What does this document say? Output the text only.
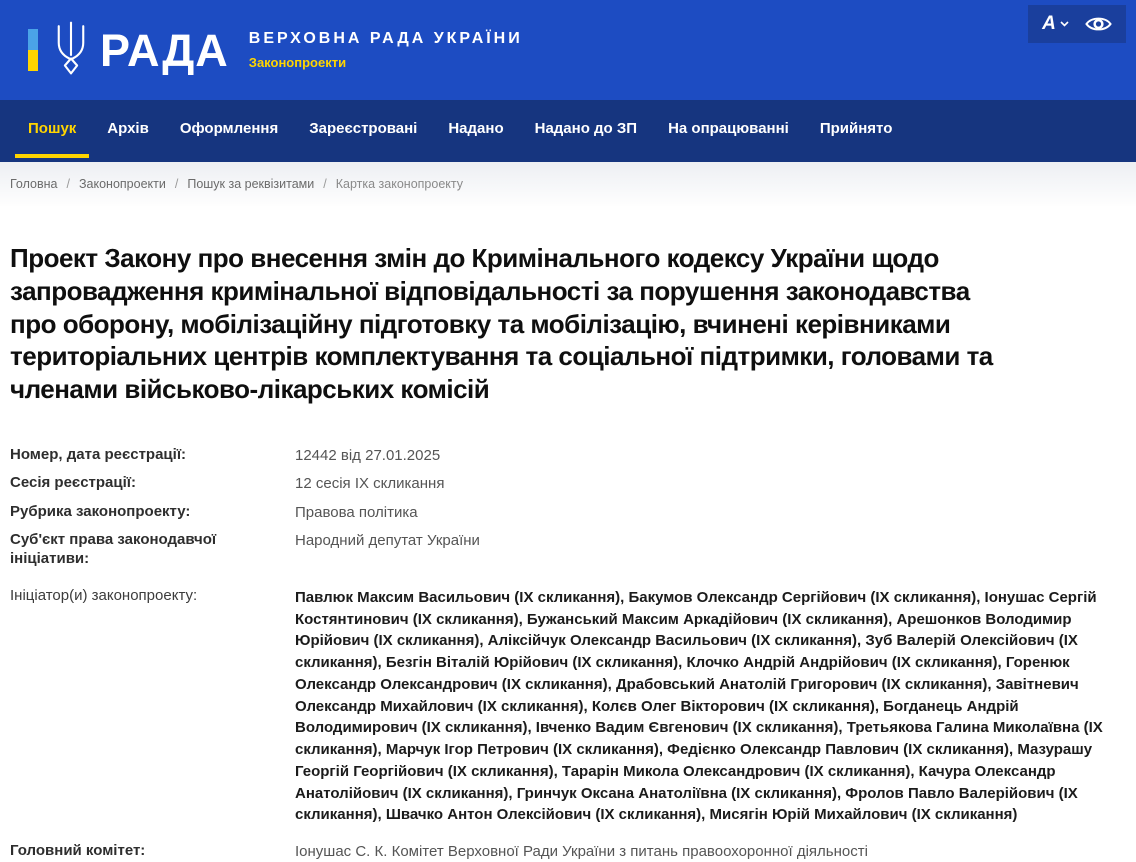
РАДА ВЕРХОВНА РАДА УКРАЇНИ
Законопроекти
A
Пошук	Архів	Оформлення	Зареєстровані	Надано	Надано до ЗП	На опрацюванні	Прийнято
Головна / Законопроекти / Пошук за реквізитами / Картка законопроекту
Проект Закону про внесення змін до Кримінального кодексу України щодо запровадження кримінальної відповідальності за порушення законодавства про оборону, мобілізаційну підготовку та мобілізацію, вчинені керівниками територіальних центрів комплектування та соціальної підтримки, головами та членами військово-лікарських комісій
Номер, дата реєстрації:	12442 від 27.01.2025
Сесія реєстрації:	12 сесія ІХ скликання
Рубрика законопроекту:	Правова політика
Суб'єкт права законодавчої ініціативи:
Народний депутат України
Ініціатор(и) законопроекту:	Павлюк Максим Васильович (ІХ скликання), Бакумов Олександр Сергійович (ІХ скликання), Іонушас Сергій Костянтинович (ІХ скликання), Бужанський Максим Аркадійович (ІХ скликання), Арешонков Володимир Юрійович (ІХ скликання), Аліксійчук Олександр Васильович (ІХ скликання), Зуб Валерій Олексійович (ІХ скликання), Безгін Віталій Юрійович (ІХ скликання), Клочко Андрій Андрійович (ІХ скликання), Горенюк Олександр Олександрович (ІХ скликання), Драбовський Анатолій Григорович (ІХ скликання), Завітневич Олександр Михайлович (ІХ скликання), Колєв Олег Вікторович (ІХ скликання), Богданець Андрій Володимирович (ІХ скликання), Івченко Вадим Євгенович (ІХ скликання), Третьякова Галина Миколаївна (ІХ скликання), Марчук Ігор Петрович (ІХ скликання), Федієнко Олександр Павлович (ІХ скликання), Мазурашу Георгій Георгійович (ІХ скликання), Тарарін Микола Олександрович (ІХ скликання), Качура Олександр Анатолійович (ІХ скликання), Гринчук Оксана Анатоліївна (ІХ скликання), Фролов Павло Валерійович (ІХ скликання), Швачко Антон Олексійович (ІХ скликання), Мисягін Юрій Михайлович (ІХ скликання)
Головний комітет:	Іонушас С. К. Комітет Верховної Ради України з питань правоохоронної діяльності
